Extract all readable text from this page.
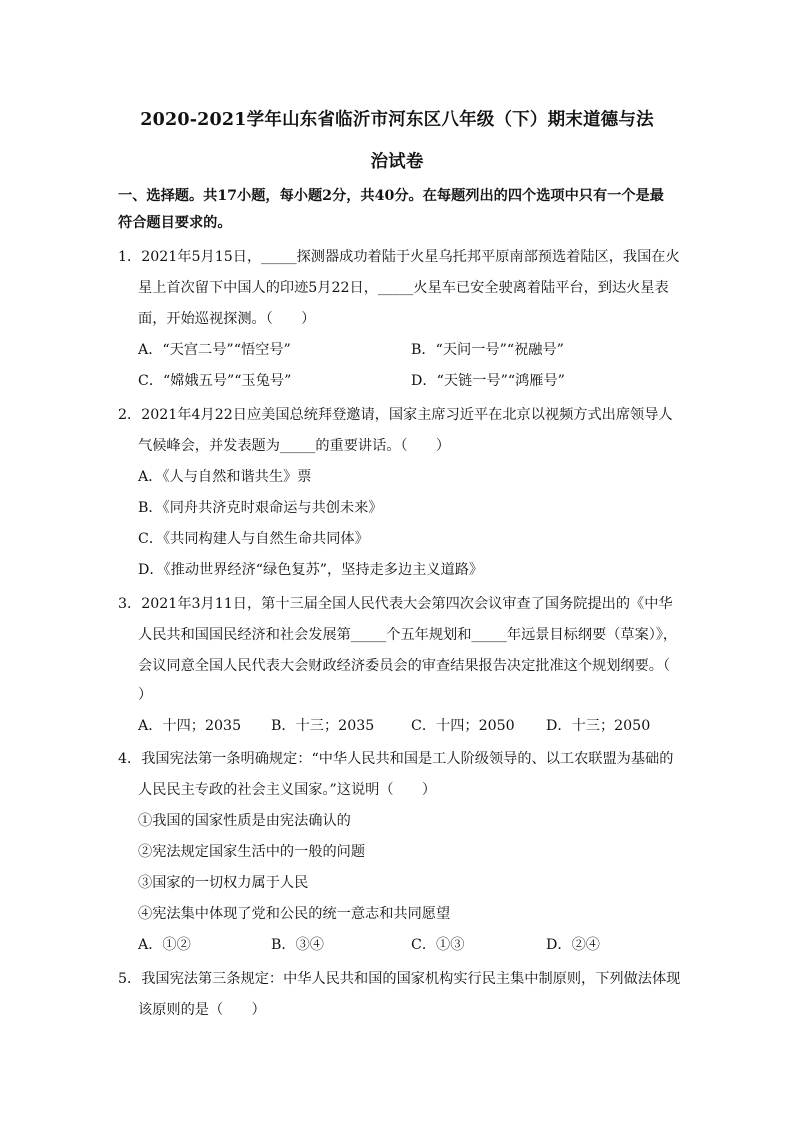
2020-2021学年山东省临沂市河东区八年级（下）期末道德与法
治试卷
一、选择题。共17小题，每小题2分，共40分。在每题列出的四个选项中只有一个是最
符合题目要求的。
1．2021年5月15日，_____探测器成功着陆于火星乌托邦平原南部预选着陆区，我国在火
星上首次留下中国人的印迹5月22日，_____火星车已安全驶离着陆平台，到达火星表
面，开始巡视探测。（　　）
A．“天宫二号”“悟空号”	B．“天问一号”“祝融号”
C．“嫦娥五号”“玉兔号”	D．“天链一号”“鸿雁号”
2．2021年4月22日应美国总统拜登邀请，国家主席习近平在北京以视频方式出席领导人
气候峰会，并发表题为_____的重要讲话。（　　）
A．《人与自然和谐共生》票
B．《同舟共济克时艰命运与共创未来》
C．《共同构建人与自然生命共同体》
D．《推动世界经济“绿色复苏”，坚持走多边主义道路》
3．2021年3月11日，第十三届全国人民代表大会第四次会议审查了国务院提出的《中华
人民共和国国民经济和社会发展第_____个五年规划和_____年远景目标纲要（草案）》，
会议同意全国人民代表大会财政经济委员会的审查结果报告决定批准这个规划纲要。（
）
A．十四；2035 B．十三；2035	C．十四；2050 D．十三；2050
4．我国宪法第一条明确规定：“中华人民共和国是工人阶级领导的、以工农联盟为基础的
人民民主专政的社会主义国家。”这说明（　　）
①我国的国家性质是由宪法确认的
②宪法规定国家生活中的一般的问题
③国家的一切权力属于人民
④宪法集中体现了党和公民的统一意志和共同愿望
A．①②	B．③④	C．①③	D．②④
5．我国宪法第三条规定：中华人民共和国的国家机构实行民主集中制原则，下列做法体现
该原则的是（　　）
